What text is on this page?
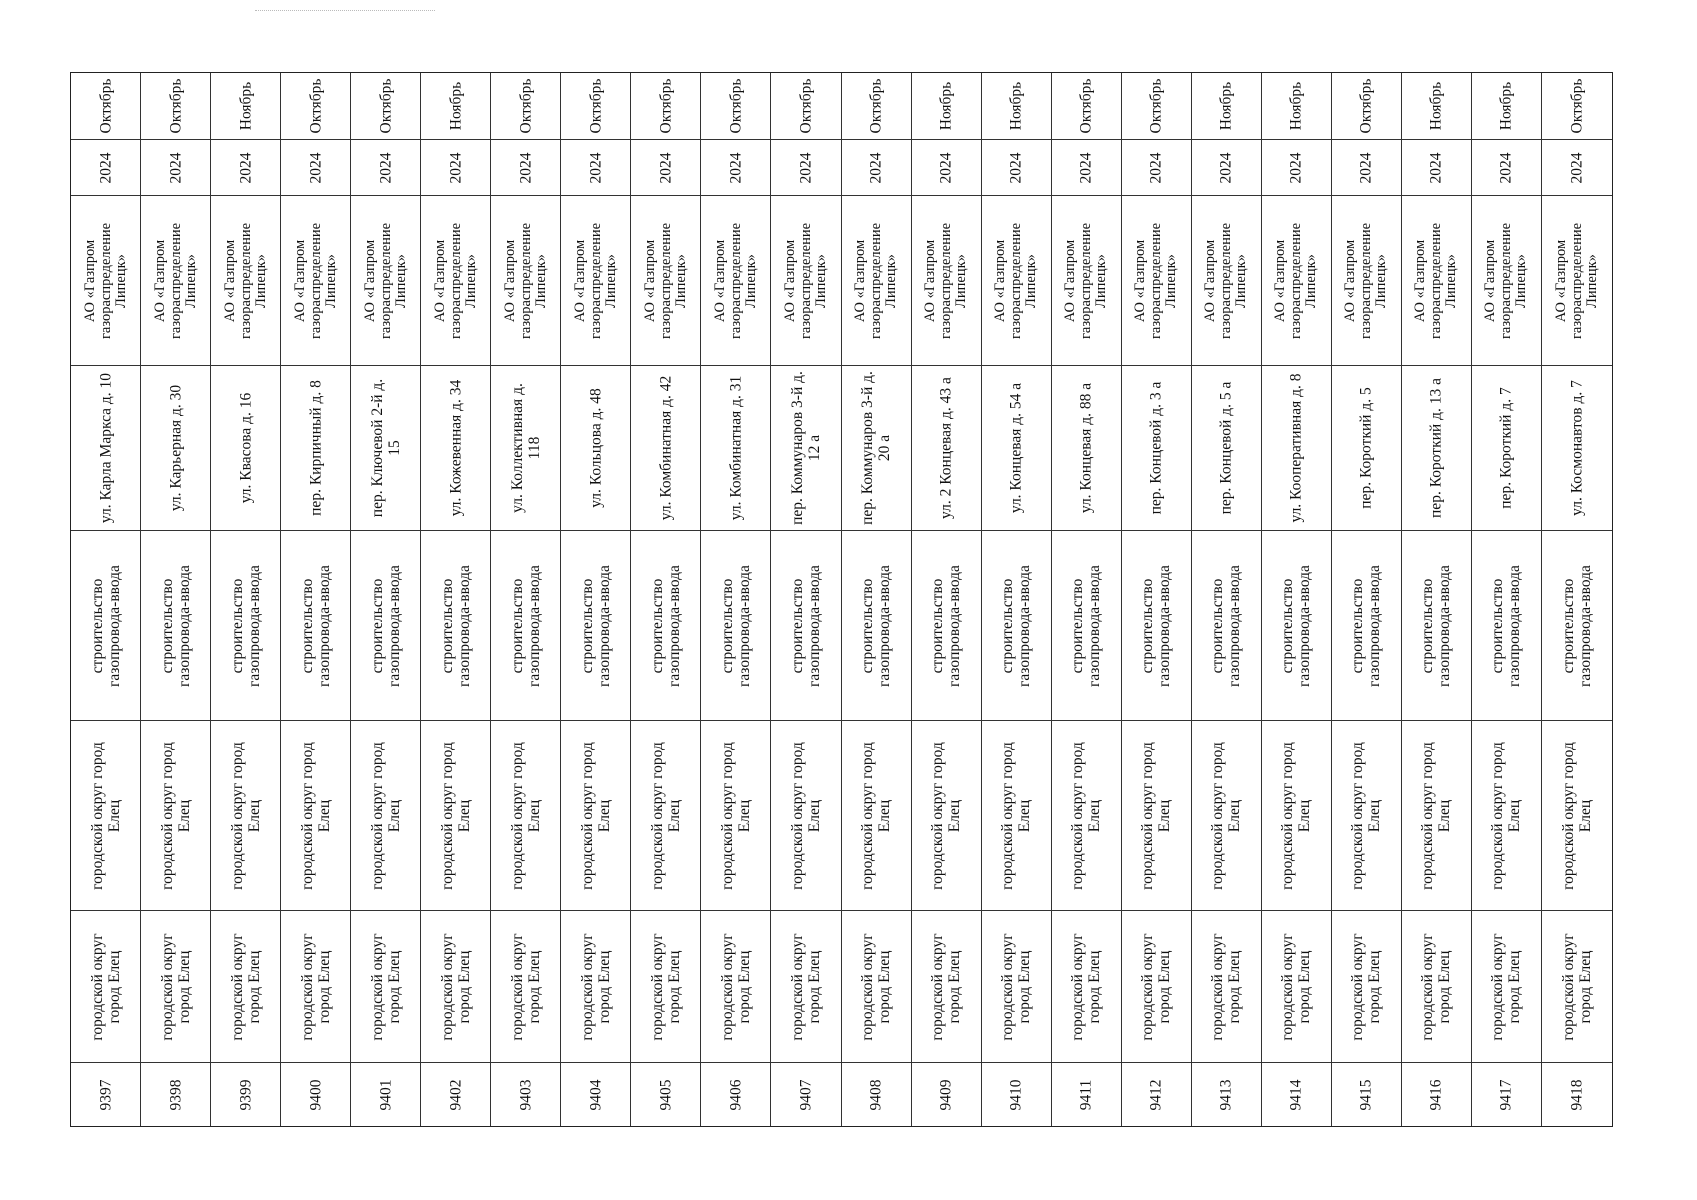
9397
городской округ город Елец
городской округ город Елец
строительство газопровода-ввода
ул. Карла Маркса д. 10
АО «Газпром газораспределение Липецк»
2024
Октябрь
9398
городской округ город Елец
городской округ город Елец
строительство газопровода-ввода
ул. Карьерная д. 30
АО «Газпром газораспределение Липецк»
2024
Октябрь
9399
городской округ город Елец
городской округ город Елец
строительство газопровода-ввода
ул. Квасова д. 16
АО «Газпром газораспределение Липецк»
2024
Ноябрь
9400
городской округ город Елец
городской округ город Елец
строительство газопровода-ввода
пер. Кирпичный д. 8
АО «Газпром газораспределение Липецк»
2024
Октябрь
9401
городской округ город Елец
городской округ город Елец
строительство газопровода-ввода
пер. Ключевой 2-й д. 15
АО «Газпром газораспределение Липецк»
2024
Октябрь
9402
городской округ город Елец
городской округ город Елец
строительство газопровода-ввода
ул. Кожевенная д. 34
АО «Газпром газораспределение Липецк»
2024
Ноябрь
9403
городской округ город Елец
городской округ город Елец
строительство газопровода-ввода
ул. Коллективная д. 118
АО «Газпром газораспределение Липецк»
2024
Октябрь
9404
городской округ город Елец
городской округ город Елец
строительство газопровода-ввода
ул. Кольцова д. 48
АО «Газпром газораспределение Липецк»
2024
Октябрь
9405
городской округ город Елец
городской округ город Елец
строительство газопровода-ввода
ул. Комбинатная д. 42
АО «Газпром газораспределение Липецк»
2024
Октябрь
9406
городской округ город Елец
городской округ город Елец
строительство газопровода-ввода
ул. Комбинатная д. 31
АО «Газпром газораспределение Липецк»
2024
Октябрь
9407
городской округ город Елец
городской округ город Елец
строительство газопровода-ввода
пер. Коммунаров 3-й д. 12 а
АО «Газпром газораспределение Липецк»
2024
Октябрь
9408
городской округ город Елец
городской округ город Елец
строительство газопровода-ввода
пер. Коммунаров 3-й д. 20 а
АО «Газпром газораспределение Липецк»
2024
Октябрь
9409
городской округ город Елец
городской округ город Елец
строительство газопровода-ввода
ул. 2 Концевая д. 43 а
АО «Газпром газораспределение Липецк»
2024
Ноябрь
9410
городской округ город Елец
городской округ город Елец
строительство газопровода-ввода
ул. Концевая д. 54 а
АО «Газпром газораспределение Липецк»
2024
Ноябрь
9411
городской округ город Елец
городской округ город Елец
строительство газопровода-ввода
ул. Концевая д. 88 а
АО «Газпром газораспределение Липецк»
2024
Октябрь
9412
городской округ город Елец
городской округ город Елец
строительство газопровода-ввода
пер. Концевой д. 3 а
АО «Газпром газораспределение Липецк»
2024
Октябрь
9413
городской округ город Елец
городской округ город Елец
строительство газопровода-ввода
пер. Концевой д. 5 а
АО «Газпром газораспределение Липецк»
2024
Ноябрь
9414
городской округ город Елец
городской округ город Елец
строительство газопровода-ввода
ул. Кооперативная д. 8
АО «Газпром газораспределение Липецк»
2024
Ноябрь
9415
городской округ город Елец
городской округ город Елец
строительство газопровода-ввода
пер. Короткий д. 5
АО «Газпром газораспределение Липецк»
2024
Октябрь
9416
городской округ город Елец
городской округ город Елец
строительство газопровода-ввода
пер. Короткий д. 13 а
АО «Газпром газораспределение Липецк»
2024
Ноябрь
9417
городской округ город Елец
городской округ город Елец
строительство газопровода-ввода
пер. Короткий д. 7
АО «Газпром газораспределение Липецк»
2024
Ноябрь
9418
городской округ город Елец
городской округ город Елец
строительство газопровода-ввода
ул. Космонавтов д. 7
АО «Газпром газораспределение Липецк»
2024
Октябрь
